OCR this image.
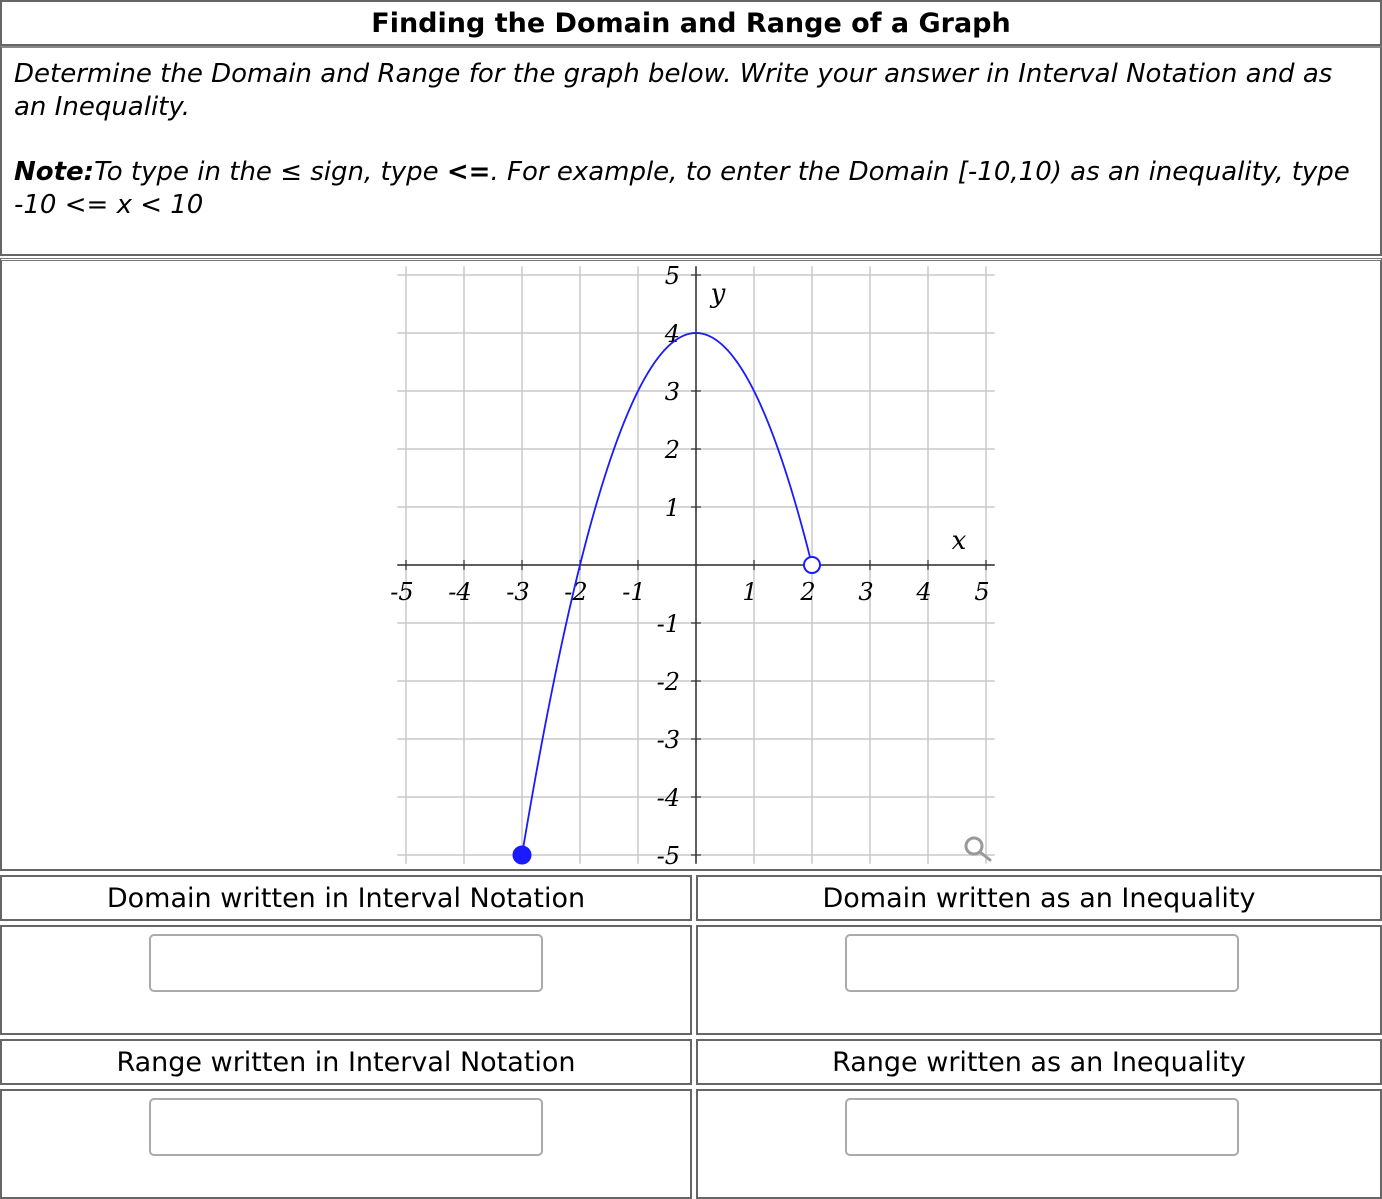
Finding the Domain and Range of a Graph

Determine the Domain and Range for the graph below. Write your answer in Interval Notation and as an Inequality.

Note:To type in the ≤ sign, type <=. For example, to enter the Domain [-10,10) as an inequality, type
-10 <= x < 10

-5 -4 -3 -2 -1	1 2 3 4 5
5
4
3
2
1
-1
-2
-3
-4
-5
x
y
Domain written in Interval Notation	Domain written as an Inequality
Range written in Interval Notation	Range written as an Inequality
